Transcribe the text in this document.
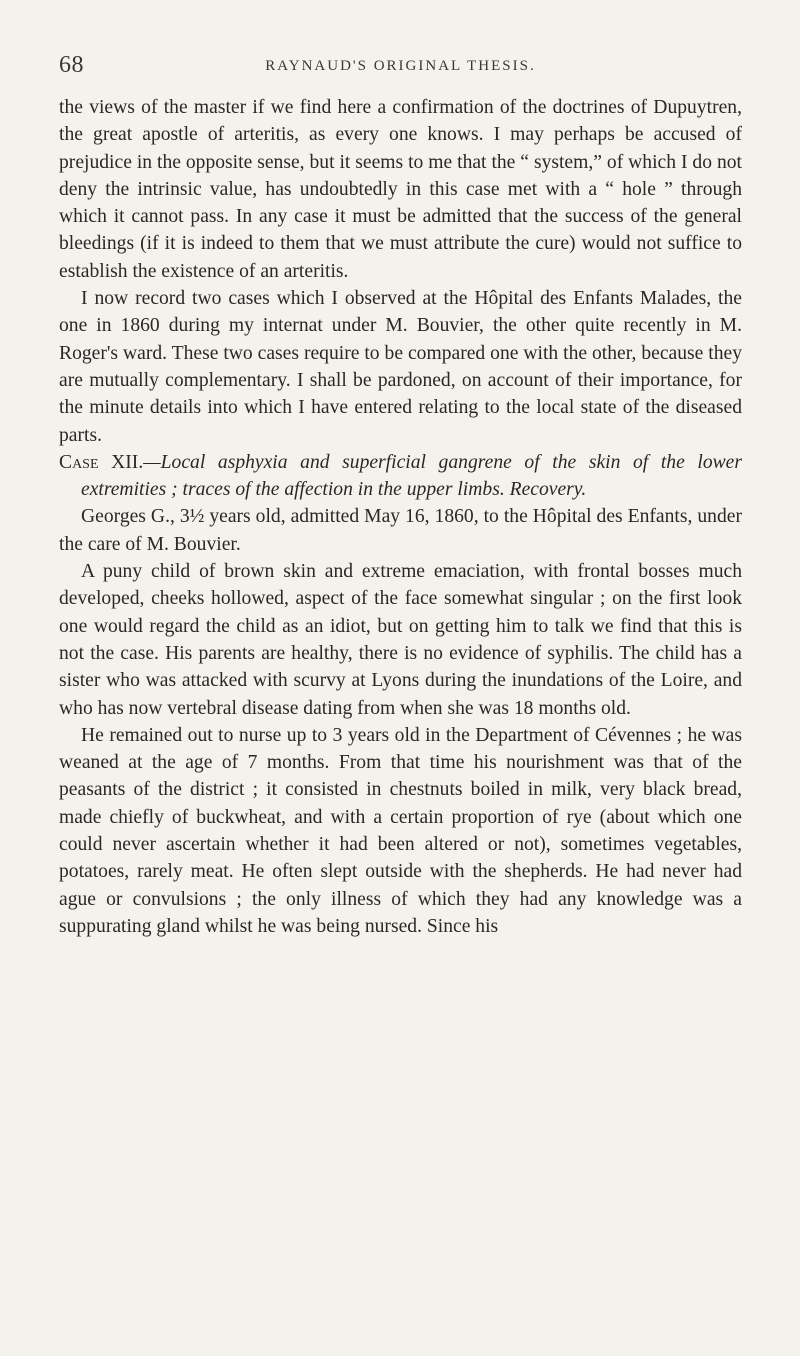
68	RAYNAUD'S ORIGINAL THESIS.

the views of the master if we find here a confirmation of the doctrines of Dupuytren, the great apostle of arteritis, as every one knows. I may perhaps be accused of prejudice in the opposite sense, but it seems to me that the “ system,” of which I do not deny the intrinsic value, has undoubtedly in this case met with a “ hole ” through which it cannot pass. In any case it must be admitted that the success of the general bleedings (if it is indeed to them that we must attribute the cure) would not suffice to establish the existence of an arteritis.

I now record two cases which I observed at the Hôpital des Enfants Malades, the one in 1860 during my internat under M. Bouvier, the other quite recently in M. Roger's ward. These two cases require to be compared one with the other, because they are mutually complementary. I shall be pardoned, on account of their importance, for the minute details into which I have entered relating to the local state of the diseased parts.

Case XII.—Local asphyxia and superficial gangrene of the skin of the lower extremities ; traces of the affection in the upper limbs. Recovery.

Georges G., 3½ years old, admitted May 16, 1860, to the Hôpital des Enfants, under the care of M. Bouvier.

A puny child of brown skin and extreme emaciation, with frontal bosses much developed, cheeks hollowed, aspect of the face somewhat singular ; on the first look one would regard the child as an idiot, but on getting him to talk we find that this is not the case. His parents are healthy, there is no evidence of syphilis. The child has a sister who was attacked with scurvy at Lyons during the inundations of the Loire, and who has now vertebral disease dating from when she was 18 months old.

He remained out to nurse up to 3 years old in the Department of Cévennes ; he was weaned at the age of 7 months. From that time his nourishment was that of the peasants of the district ; it consisted in chestnuts boiled in milk, very black bread, made chiefly of buckwheat, and with a certain proportion of rye (about which one could never ascertain whether it had been altered or not), sometimes vegetables, potatoes, rarely meat. He often slept outside with the shepherds. He had never had ague or convulsions ; the only illness of which they had any knowledge was a suppurating gland whilst he was being nursed. Since his
